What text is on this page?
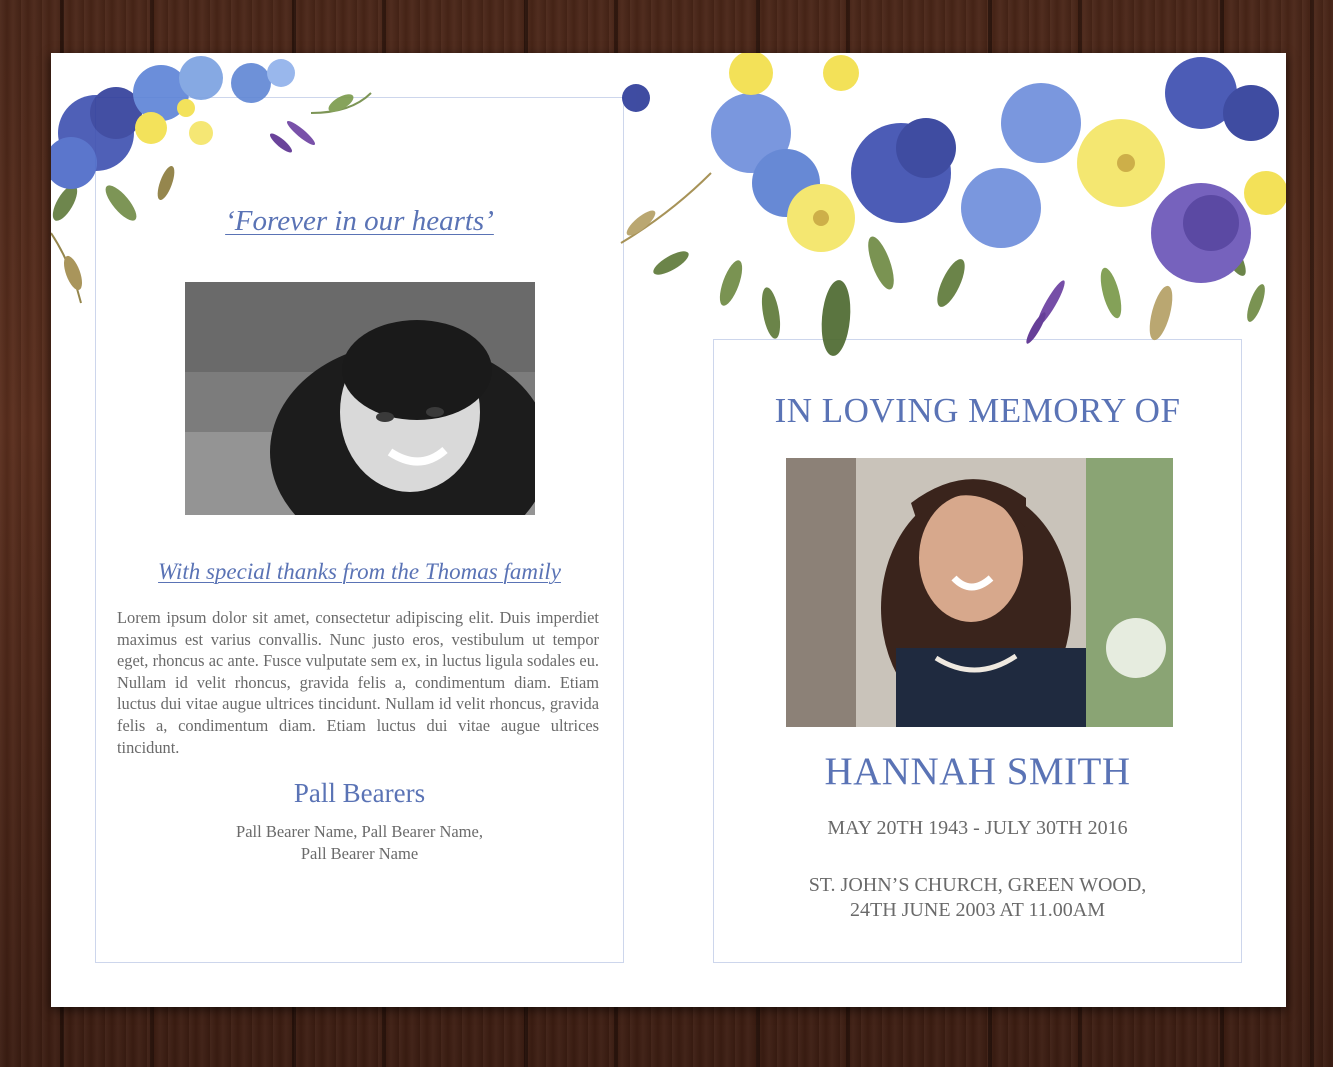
‘Forever in our hearts’
With special thanks from the Thomas family
Lorem ipsum dolor sit amet, consectetur adipiscing elit. Duis imperdiet maximus est varius convallis. Nunc justo eros, vestibulum ut tempor eget, rhoncus ac ante. Fusce vulputate sem ex, in luctus ligula sodales eu. Nullam id velit rhoncus, gravida felis a, condimentum diam. Etiam luctus dui vitae augue ultrices tincidunt. Nullam id velit rhoncus, gravida felis a, condimentum diam. Etiam luctus dui vitae augue ultrices tincidunt.
Pall Bearers
Pall Bearer Name, Pall Bearer Name,
Pall Bearer Name
IN LOVING MEMORY OF
HANNAH SMITH
MAY 20TH 1943 - JULY 30TH 2016
ST. JOHN’S CHURCH, GREEN WOOD,
24TH JUNE 2003 AT 11.00AM
